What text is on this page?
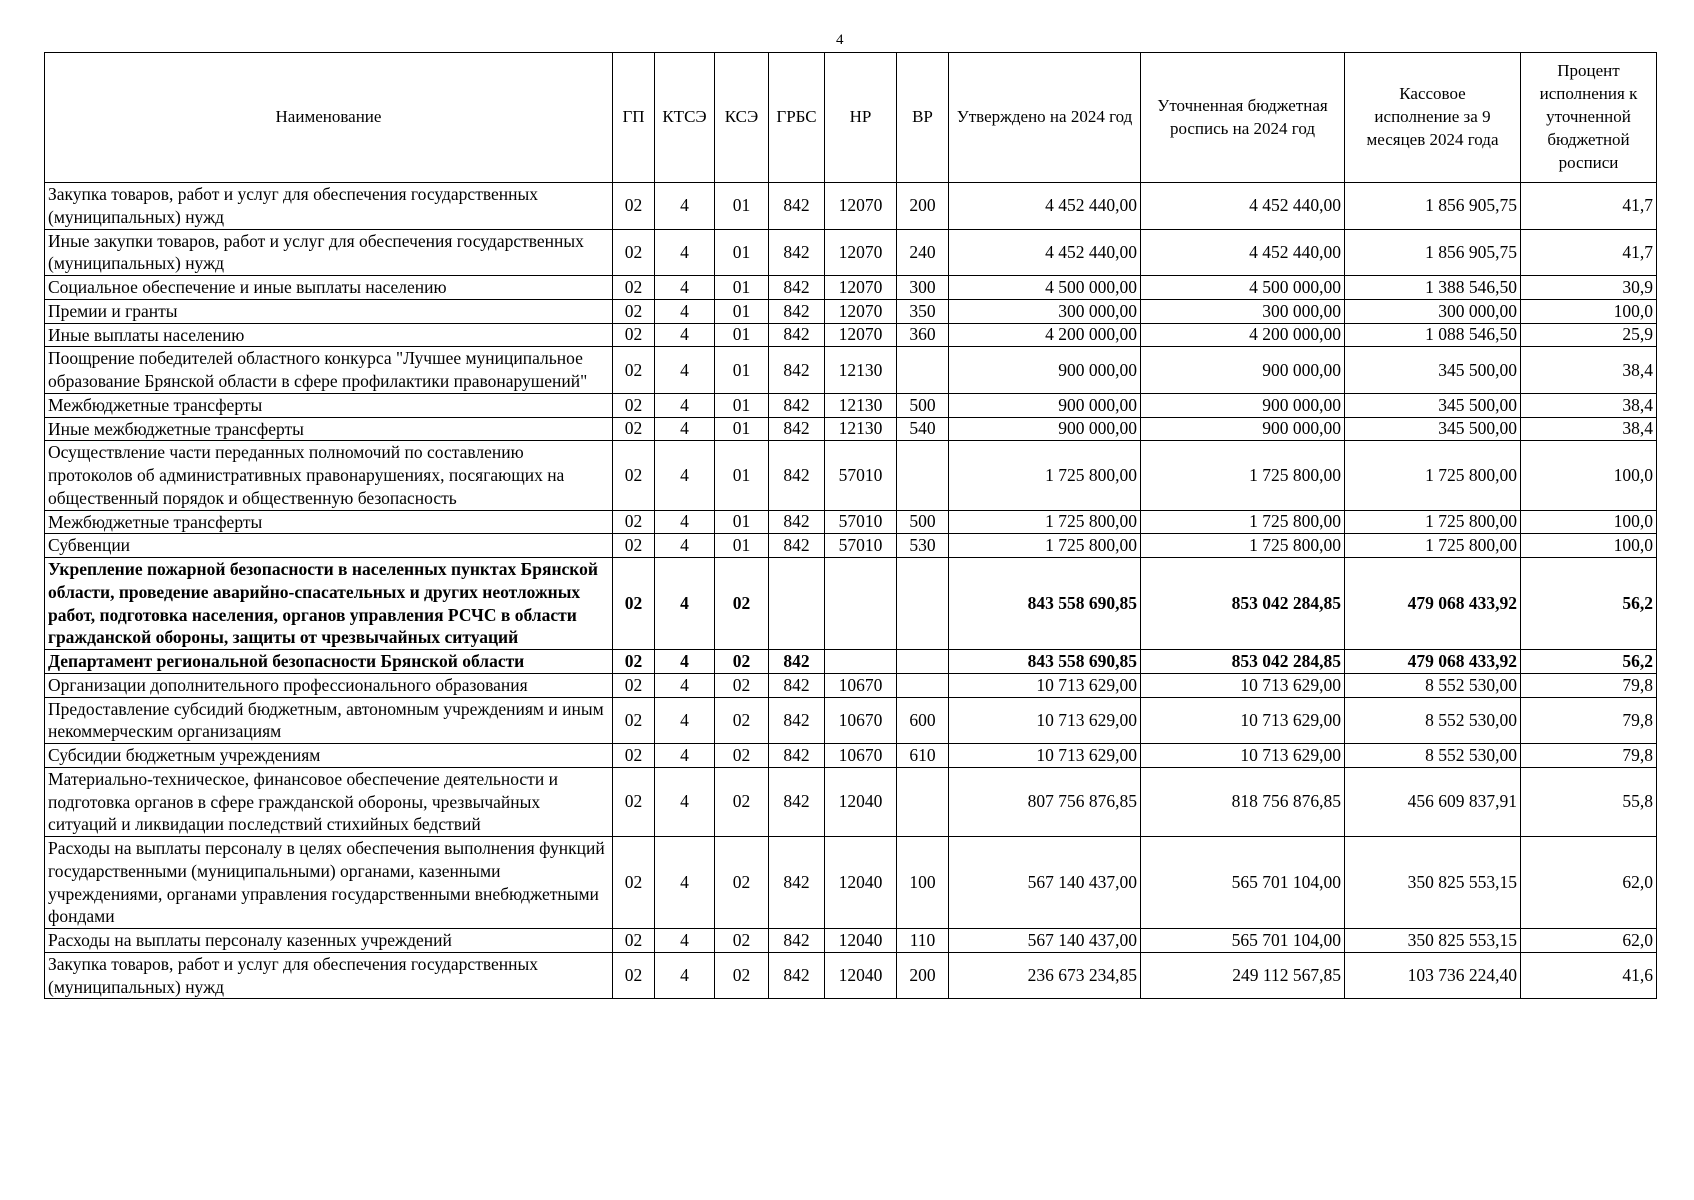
4
Наименование	ГП	КТСЭ	КСЭ	ГРБС	НР	ВР	Утверждено на 2024 год	Уточненная бюджетная роспись на 2024 год	Кассовое исполнение за 9 месяцев 2024 года	Процент исполнения к уточненной бюджетной росписи
Закупка товаров, работ и услуг для обеспечения государственных (муниципальных) нужд	02	4	01	842	12070	200	4 452 440,00	4 452 440,00	1 856 905,75	41,7
Иные закупки товаров, работ и услуг для обеспечения государственных (муниципальных) нужд	02	4	01	842	12070	240	4 452 440,00	4 452 440,00	1 856 905,75	41,7
Социальное обеспечение и иные выплаты населению	02	4	01	842	12070	300	4 500 000,00	4 500 000,00	1 388 546,50	30,9
Премии и гранты	02	4	01	842	12070	350	300 000,00	300 000,00	300 000,00	100,0
Иные выплаты населению	02	4	01	842	12070	360	4 200 000,00	4 200 000,00	1 088 546,50	25,9
Поощрение победителей областного конкурса "Лучшее муниципальное образование Брянской области в сфере профилактики правонарушений"	02	4	01	842	12130		900 000,00	900 000,00	345 500,00	38,4
Межбюджетные трансферты	02	4	01	842	12130	500	900 000,00	900 000,00	345 500,00	38,4
Иные межбюджетные трансферты	02	4	01	842	12130	540	900 000,00	900 000,00	345 500,00	38,4
Осуществление части переданных полномочий по составлению протоколов об административных правонарушениях, посягающих на общественный порядок и общественную безопасность	02	4	01	842	57010		1 725 800,00	1 725 800,00	1 725 800,00	100,0
Межбюджетные трансферты	02	4	01	842	57010	500	1 725 800,00	1 725 800,00	1 725 800,00	100,0
Субвенции	02	4	01	842	57010	530	1 725 800,00	1 725 800,00	1 725 800,00	100,0
Укрепление пожарной безопасности в населенных пунктах Брянской области, проведение аварийно-спасательных и других неотложных работ, подготовка населения, органов управления РСЧС в области гражданской обороны, защиты от чрезвычайных ситуаций	02	4	02				843 558 690,85	853 042 284,85	479 068 433,92	56,2
Департамент региональной безопасности Брянской области	02	4	02	842			843 558 690,85	853 042 284,85	479 068 433,92	56,2
Организации дополнительного профессионального образования	02	4	02	842	10670		10 713 629,00	10 713 629,00	8 552 530,00	79,8
Предоставление субсидий бюджетным, автономным учреждениям и иным некоммерческим организациям	02	4	02	842	10670	600	10 713 629,00	10 713 629,00	8 552 530,00	79,8
Субсидии бюджетным учреждениям	02	4	02	842	10670	610	10 713 629,00	10 713 629,00	8 552 530,00	79,8
Материально-техническое, финансовое обеспечение деятельности и подготовка органов в сфере гражданской обороны, чрезвычайных ситуаций и ликвидации последствий стихийных бедствий	02	4	02	842	12040		807 756 876,85	818 756 876,85	456 609 837,91	55,8
Расходы на выплаты персоналу в целях обеспечения выполнения функций государственными (муниципальными) органами, казенными учреждениями, органами управления государственными внебюджетными фондами	02	4	02	842	12040	100	567 140 437,00	565 701 104,00	350 825 553,15	62,0
Расходы на выплаты персоналу казенных учреждений	02	4	02	842	12040	110	567 140 437,00	565 701 104,00	350 825 553,15	62,0
Закупка товаров, работ и услуг для обеспечения государственных (муниципальных) нужд	02	4	02	842	12040	200	236 673 234,85	249 112 567,85	103 736 224,40	41,6
